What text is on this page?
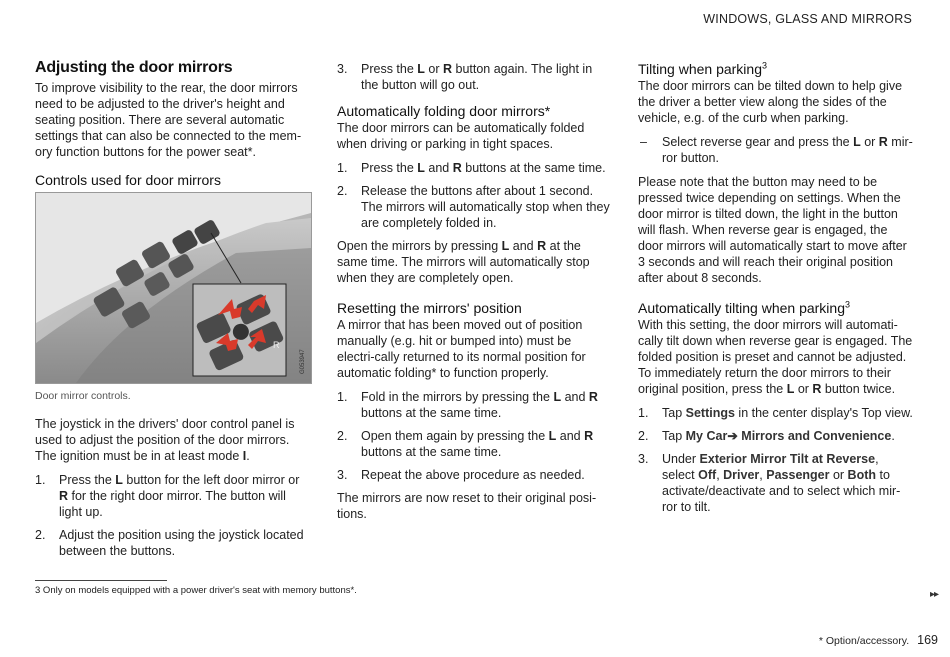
WINDOWS, GLASS AND MIRRORS
Adjusting the door mirrors

To improve visibility to the rear, the door mirrors need to be adjusted to the driver's height and seating position. There are several automatic settings that can also be connected to the mem-ory function buttons for the power seat*.

Controls used for door mirrors
R
G053947
Door mirror controls.

The joystick in the drivers' door control panel is used to adjust the position of the door mirrors. The ignition must be in at least mode I.

1. Press the L button for the left door mirror or R for the right door mirror. The button will light up.
2. Adjust the position using the joystick located between the buttons.
3. Press the L or R button again. The light in the button will go out.
Automatically folding door mirrors*

The door mirrors can be automatically folded when driving or parking in tight spaces.

1. Press the L and R buttons at the same time.
2. Release the buttons after about 1 second. The mirrors will automatically stop when they are completely folded in.

Open the mirrors by pressing L and R at the same time. The mirrors will automatically stop when they are completely open.

Resetting the mirrors' position

A mirror that has been moved out of position manually (e.g. hit or bumped into) must be electri-cally returned to its normal position for automatic folding* to function properly.

1. Fold in the mirrors by pressing the L and R buttons at the same time.
2. Open them again by pressing the L and R buttons at the same time.
3. Repeat the above procedure as needed.

The mirrors are now reset to their original posi-tions.

Tilting when parking$^3$

The door mirrors can be tilted down to help give the driver a better view along the sides of the vehicle, e.g. of the curb when parking.

– Select reverse gear and press the L or R mir-ror button.

Please note that the button may need to be pressed twice depending on settings. When the door mirror is tilted down, the light in the button will flash. When reverse gear is engaged, the door mirrors will automatically start to move after 3 seconds and will reach their original position after about 8 seconds.

Automatically tilting when parking$^3$

With this setting, the door mirrors will automati-cally tilt down when reverse gear is engaged. The folded position is preset and cannot be adjusted. To immediately return the door mirrors to their original position, press the L or R button twice.

1. Tap Settings in the center display's Top view.
2. Tap My Car➔ Mirrors and Convenience.
3. Under Exterior Mirror Tilt at Reverse, select Off, Driver, Passenger or Both to activate/deactivate and to select which mir-ror to tilt.
3 Only on models equipped with a power driver's seat with memory buttons*.	▸▸
* Option/accessory. 169
